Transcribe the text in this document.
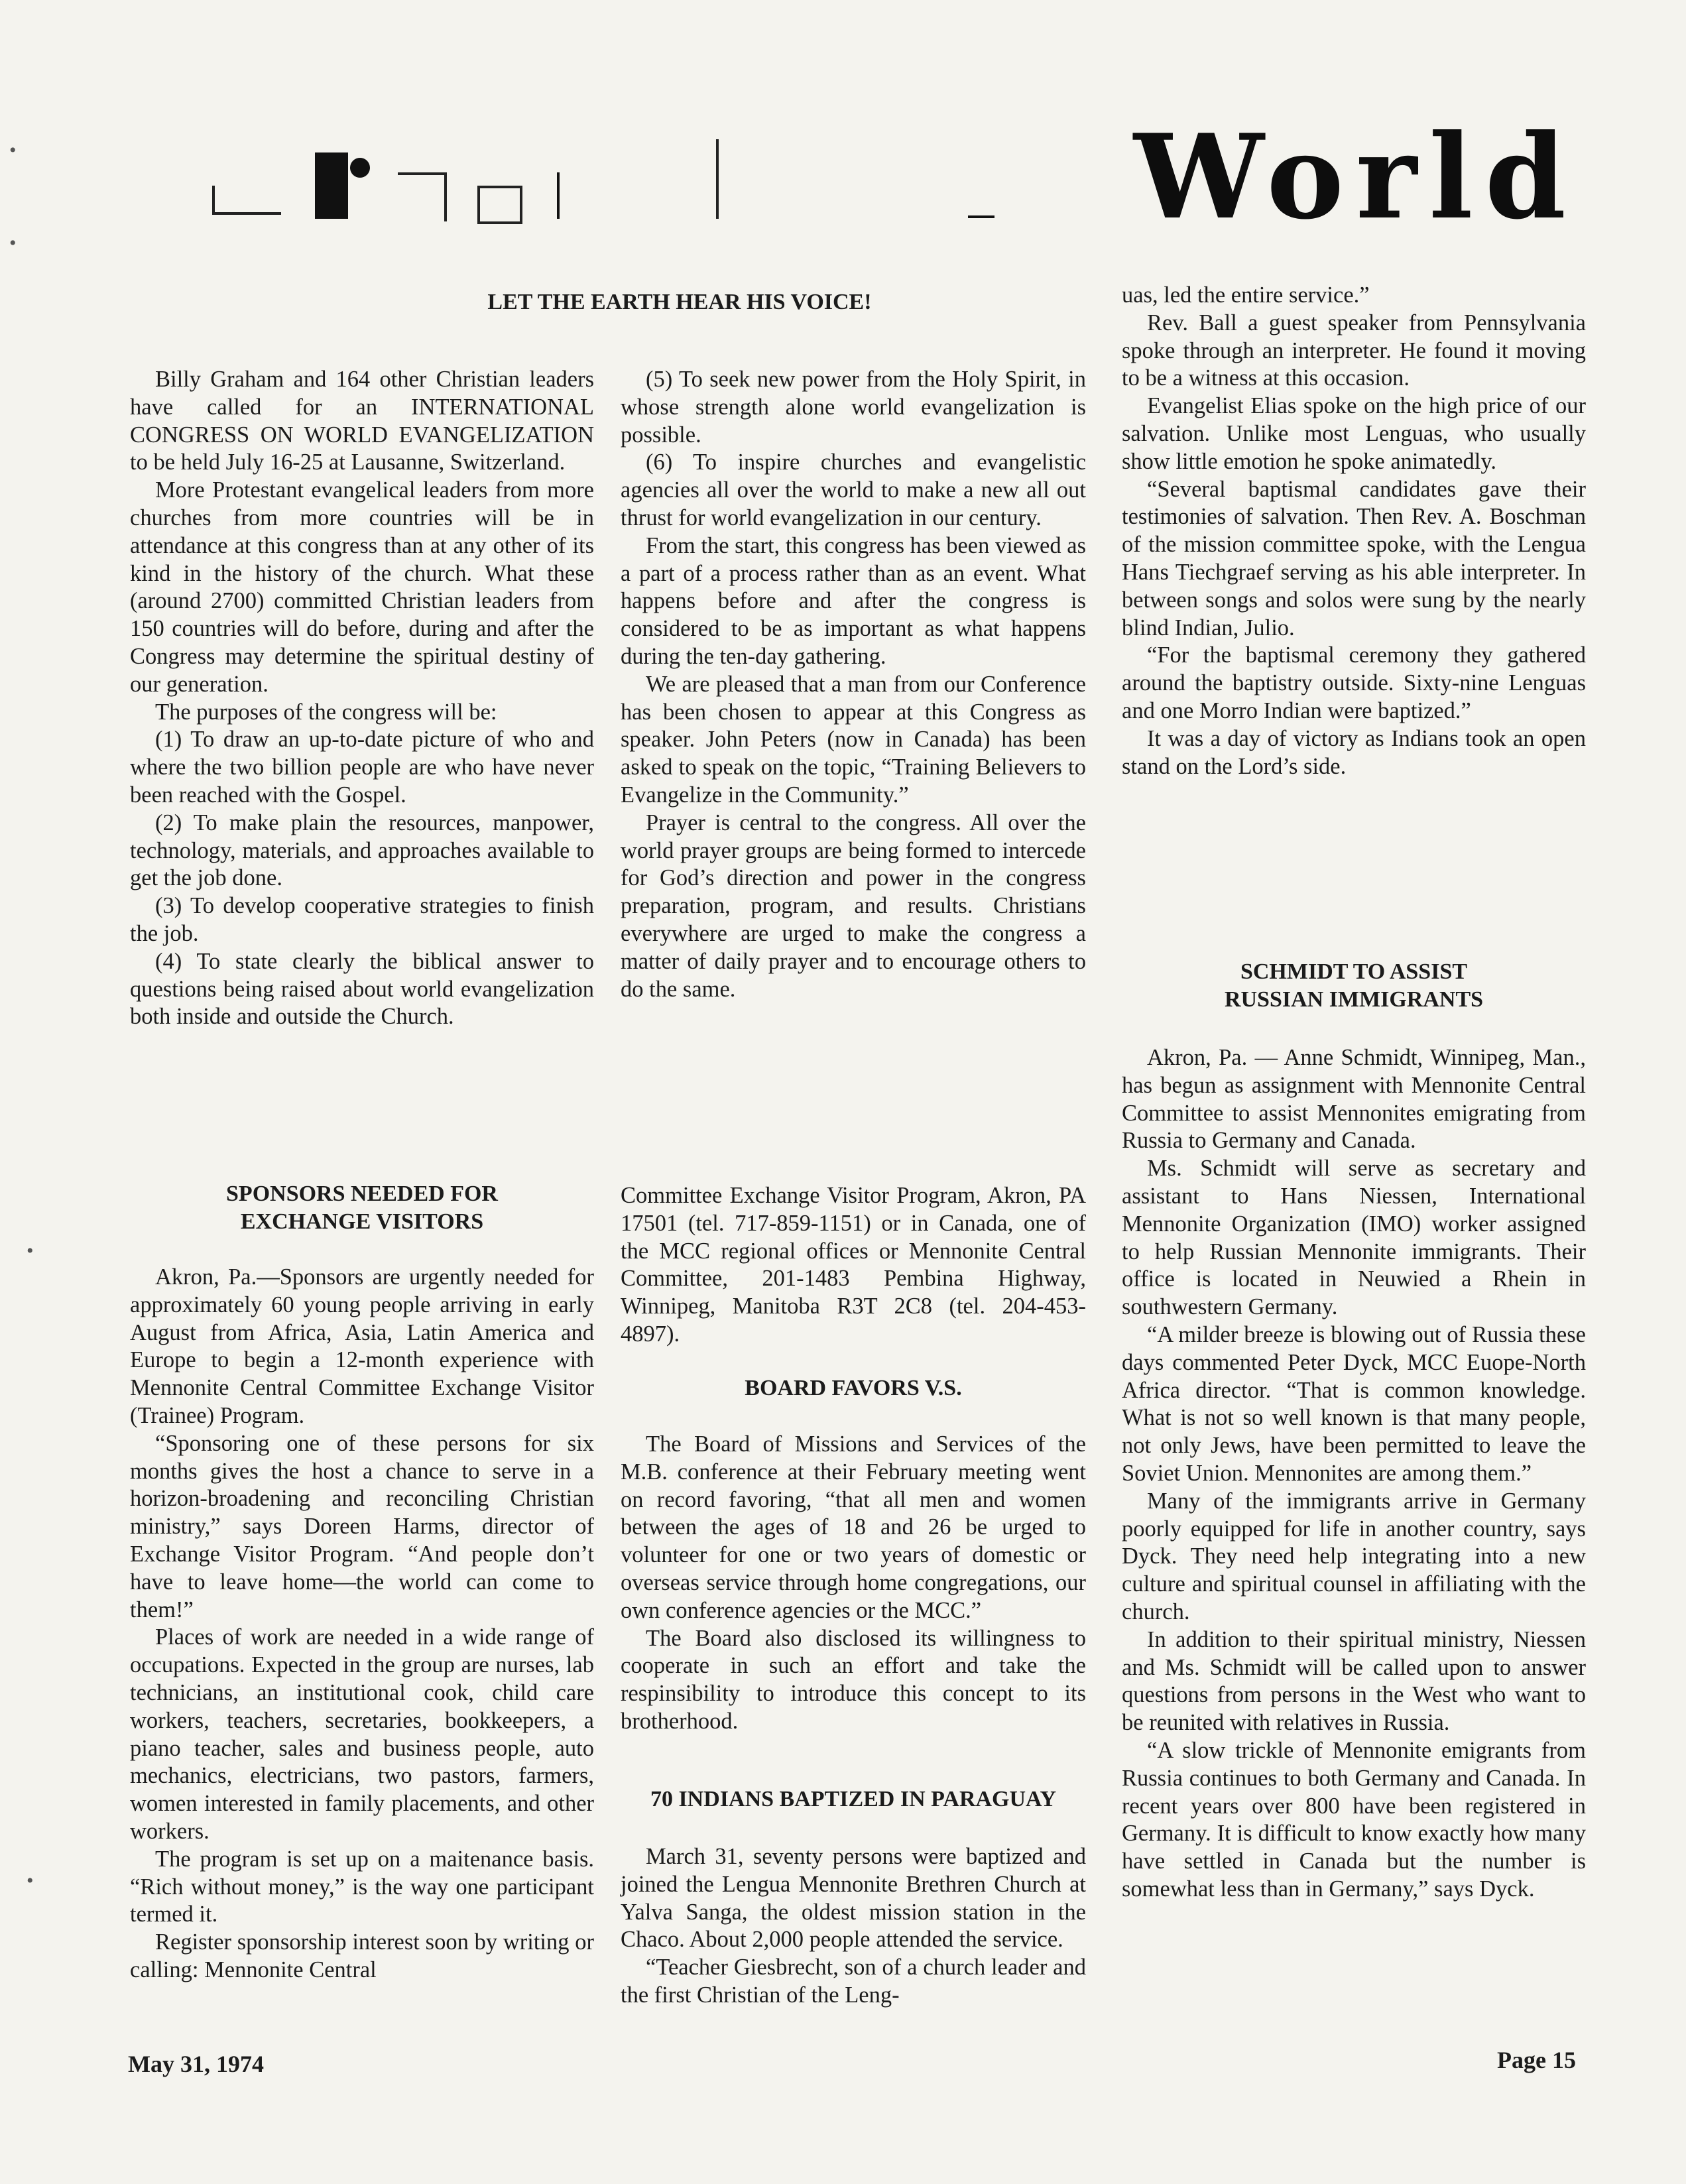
World
•
•
•
•
LET THE EARTH HEAR HIS VOICE!

Billy Graham and 164 other Christian leaders have called for an INTERNATIONAL CONGRESS ON WORLD EVANGELIZATION to be held July 16-25 at Lausanne, Switzerland.

More Protestant evangelical leaders from more churches from more countries will be in attendance at this congress than at any other of its kind in the history of the church. What these (around 2700) committed Christian leaders from 150 countries will do before, during and after the Congress may determine the spiritual destiny of our generation.

The purposes of the congress will be:

(1) To draw an up-to-date picture of who and where the two billion people are who have never been reached with the Gospel.

(2) To make plain the resources, manpower, technology, materials, and approaches available to get the job done.

(3) To develop cooperative strategies to finish the job.

(4) To state clearly the biblical answer to questions being raised about world evangelization both inside and outside the Church.

(5) To seek new power from the Holy Spirit, in whose strength alone world evangelization is possible.

(6) To inspire churches and evangelistic agencies all over the world to make a new all out thrust for world evangelization in our century.

From the start, this congress has been viewed as a part of a process rather than as an event. What happens before and after the congress is considered to be as important as what happens during the ten-day gathering.

We are pleased that a man from our Conference has been chosen to appear at this Congress as speaker. John Peters (now in Canada) has been asked to speak on the topic, “Training Believers to Evangelize in the Community.”

Prayer is central to the congress. All over the world prayer groups are being formed to intercede for God’s direction and power in the congress preparation, program, and results. Christians everywhere are urged to make the congress a matter of daily prayer and to encourage others to do the same.

SPONSORS NEEDED FOR
EXCHANGE VISITORS

Akron, Pa.—Sponsors are urgently needed for approximately 60 young people arriving in early August from Africa, Asia, Latin America and Europe to begin a 12-month experience with Mennonite Central Committee Exchange Visitor (Trainee) Program.

“Sponsoring one of these persons for six months gives the host a chance to serve in a horizon-broadening and reconciling Christian ministry,” says Doreen Harms, director of Exchange Visitor Program. “And people don’t have to leave home—the world can come to them!”

Places of work are needed in a wide range of occupations. Expected in the group are nurses, lab technicians, an institutional cook, child care workers, teachers, secretaries, bookkeepers, a piano teacher, sales and business people, auto mechanics, electricians, two pastors, farmers, women interested in family placements, and other workers.

The program is set up on a maitenance basis. “Rich without money,” is the way one participant termed it.

Register sponsorship interest soon by writing or calling: Mennonite Central

Committee Exchange Visitor Program, Akron, PA 17501 (tel. 717-859-1151) or in Canada, one of the MCC regional offices or Mennonite Central Committee, 201-1483 Pembina Highway, Winnipeg, Manitoba R3T 2C8 (tel. 204-453-4897).

BOARD FAVORS V.S.

The Board of Missions and Services of the M.B. conference at their February meeting went on record favoring, “that all men and women between the ages of 18 and 26 be urged to volunteer for one or two years of domestic or overseas service through home congregations, our own conference agencies or the MCC.”

The Board also disclosed its willingness to cooperate in such an effort and take the respinsibility to introduce this concept to its brotherhood.

70 INDIANS BAPTIZED IN PARAGUAY

March 31, seventy persons were baptized and joined the Lengua Mennonite Brethren Church at Yalva Sanga, the oldest mission station in the Chaco. About 2,000 people attended the service.

“Teacher Giesbrecht, son of a church leader and the first Christian of the Leng-

uas, led the entire service.”

Rev. Ball a guest speaker from Pennsylvania spoke through an interpreter. He found it moving to be a witness at this occasion.

Evangelist Elias spoke on the high price of our salvation. Unlike most Lenguas, who usually show little emotion he spoke animatedly.

“Several baptismal candidates gave their testimonies of salvation. Then Rev. A. Boschman of the mission committee spoke, with the Lengua Hans Tiechgraef serving as his able interpreter. In between songs and solos were sung by the nearly blind Indian, Julio.

“For the baptismal ceremony they gathered around the baptistry outside. Sixty-nine Lenguas and one Morro Indian were baptized.”

It was a day of victory as Indians took an open stand on the Lord’s side.

SCHMIDT TO ASSIST
RUSSIAN IMMIGRANTS

Akron, Pa. — Anne Schmidt, Winnipeg, Man., has begun as assignment with Mennonite Central Committee to assist Mennonites emigrating from Russia to Germany and Canada.

Ms. Schmidt will serve as secretary and assistant to Hans Niessen, International Mennonite Organization (IMO) worker assigned to help Russian Mennonite immigrants. Their office is located in Neuwied a Rhein in southwestern Germany.

“A milder breeze is blowing out of Russia these days commented Peter Dyck, MCC Euope-North Africa director. “That is common knowledge. What is not so well known is that many people, not only Jews, have been permitted to leave the Soviet Union. Mennonites are among them.”

Many of the immigrants arrive in Germany poorly equipped for life in another country, says Dyck. They need help integrating into a new culture and spiritual counsel in affiliating with the church.

In addition to their spiritual ministry, Niessen and Ms. Schmidt will be called upon to answer questions from persons in the West who want to be reunited with relatives in Russia.

“A slow trickle of Mennonite emigrants from Russia continues to both Germany and Canada. In recent years over 800 have been registered in Germany. It is difficult to know exactly how many have settled in Canada but the number is somewhat less than in Germany,” says Dyck.

May 31, 1974	Page 15
